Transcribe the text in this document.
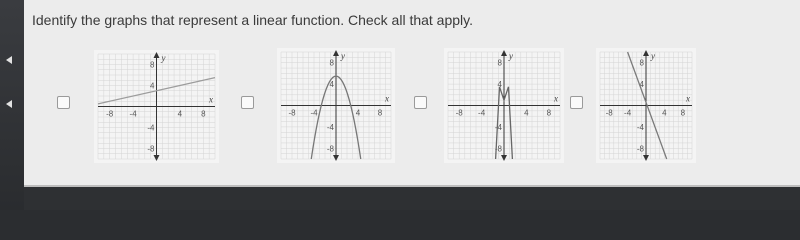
Identify the graphs that represent a linear function. Check all that apply.
x
y
-8 -4	4 8
8
4
-4
-8
x
y
-8 -4	4 8
8
4
-4
-8
x
y
-8 -4	4 8
8
4
-4
-8
x
y
-8 -4	4 8
8
4
-4
-8
